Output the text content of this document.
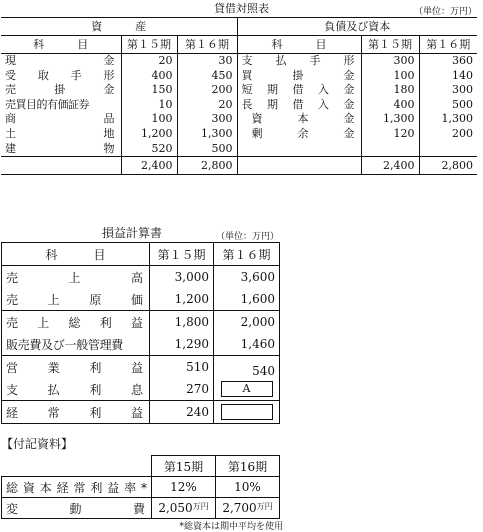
貸借対照表	（単位：万円）
資　　　産			負債及び資本		
科　　　目	第１５期	第１６期	科　　　目	第１５期	第１６期
現金	20	30	支払手形	300	360
受取手形	400	450	買掛金	100	140
売掛金	150	200	短期借入金	180	300
売買目的有価証券	10	20	長期借入金	400	500
商品	100	300	資本金	1,300	1,300
土地	1,200	1,300	剰余金	120	200
建物	520	500			
	2,400	2,800		2,400	2,800
損益計算書	（単位：万円）
科　　　目	第１５期	第１６期
売上高	3,000	3,600
売上原価	1,200	1,600
売上総利益	1,800	2,000
販売費及び一般管理費	1,290	1,460
営業利益	510	540
支払利息	270	A
経常利益	240	
【付記資料】
	第15期	第16期
総資本経常利益率*	12%	10%
変動費	$2,050^{万円}$	$2,700^{万円}$
*総資本は期中平均を使用
